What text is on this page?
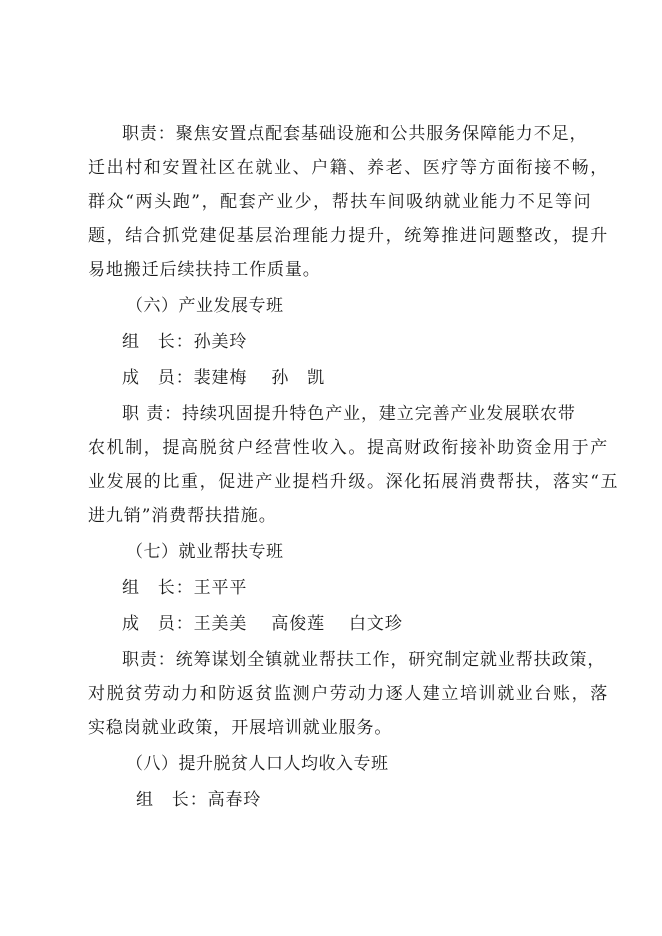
职责：聚焦安置点配套基础设施和公共服务保障能力不足，
迁出村和安置社区在就业、户籍、养老、医疗等方面衔接不畅，
群众“两头跑”，配套产业少，帮扶车间吸纳就业能力不足等问
题，结合抓党建促基层治理能力提升，统筹推进问题整改，提升
易地搬迁后续扶持工作质量。
（六）产业发展专班
组　长：孙美玲
成　员：裴建梅 孙　凯
职 责：持续巩固提升特色产业，建立完善产业发展联农带
农机制，提高脱贫户经营性收入。提高财政衔接补助资金用于产
业发展的比重，促进产业提档升级。深化拓展消费帮扶，落实“五
进九销”消费帮扶措施。
（七）就业帮扶专班
组　长：王平平
成　员：王美美 高俊莲 白文珍
职责：统筹谋划全镇就业帮扶工作，研究制定就业帮扶政策，
对脱贫劳动力和防返贫监测户劳动力逐人建立培训就业台账，落
实稳岗就业政策，开展培训就业服务。
（八）提升脱贫人口人均收入专班
组　长：高春玲
